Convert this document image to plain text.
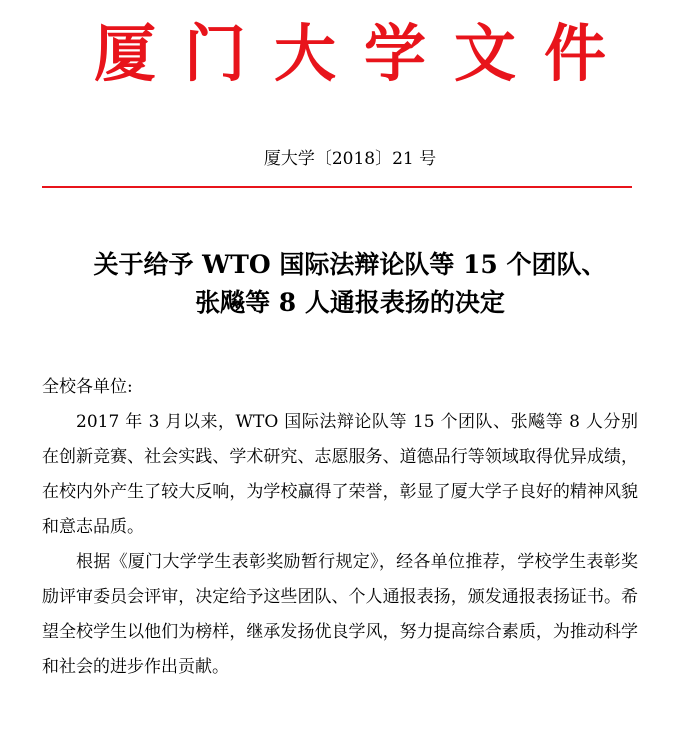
厦 门 大 学 文 件
厦大学〔2018〕21 号
关于给予 WTO 国际法辩论队等 15 个团队、
张飚等 8 人通报表扬的决定

全校各单位:

2017 年 3 月以来，WTO 国际法辩论队等 15 个团队、张飚等 8 人分别在创新竞赛、社会实践、学术研究、志愿服务、道德品行等领域取得优异成绩，在校内外产生了较大反响，为学校赢得了荣誉，彰显了厦大学子良好的精神风貌和意志品质。

根据《厦门大学学生表彰奖励暂行规定》，经各单位推荐，学校学生表彰奖励评审委员会评审，决定给予这些团队、个人通报表扬，颁发通报表扬证书。希望全校学生以他们为榜样，继承发扬优良学风，努力提高综合素质，为推动科学和社会的进步作出贡献。
